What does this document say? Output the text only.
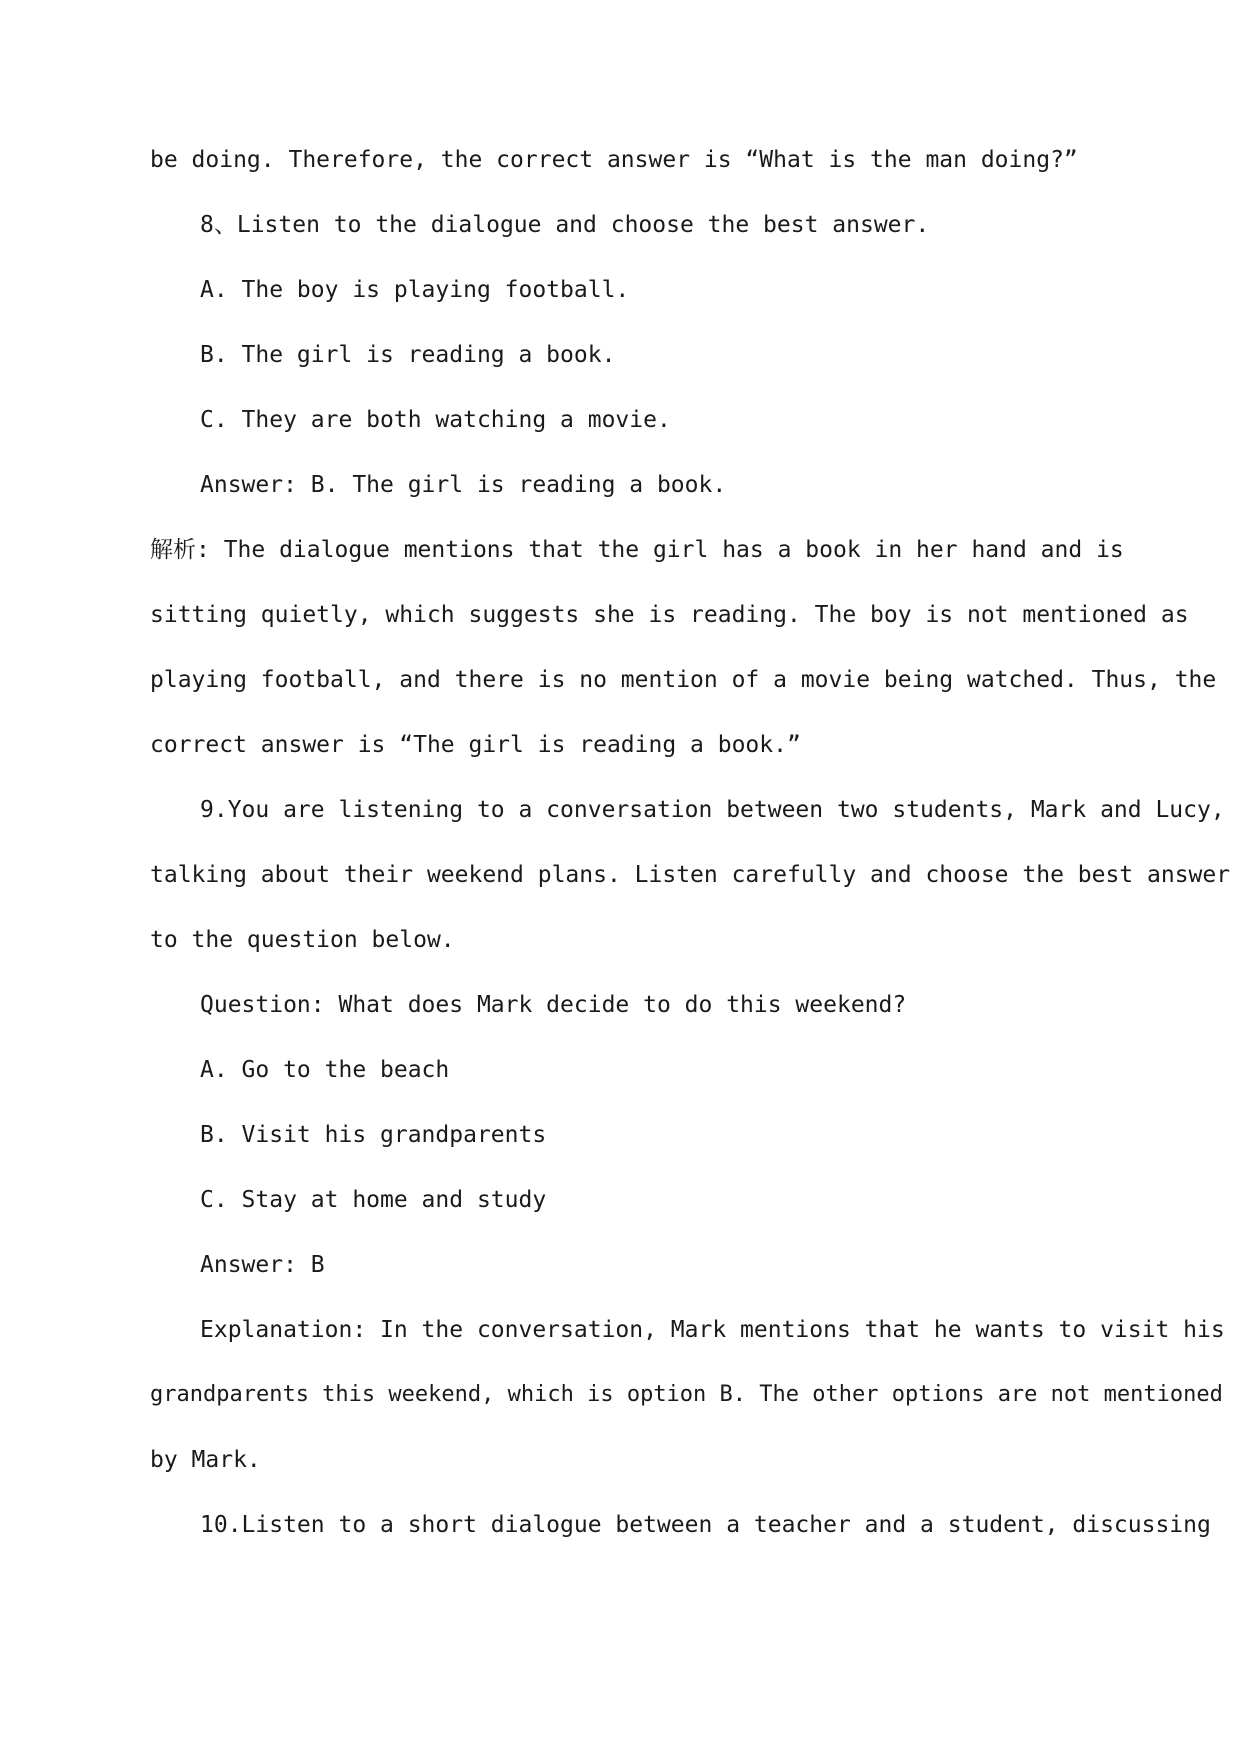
be doing. Therefore, the correct answer is “What is the man doing?”
8、Listen to the dialogue and choose the best answer.
A. The boy is playing football.
B. The girl is reading a book.
C. They are both watching a movie.
Answer: B. The girl is reading a book.
解析: The dialogue mentions that the girl has a book in her hand and is
sitting quietly, which suggests she is reading. The boy is not mentioned as
playing football, and there is no mention of a movie being watched. Thus, the
correct answer is “The girl is reading a book.”
9.You are listening to a conversation between two students, Mark and Lucy,
talking about their weekend plans. Listen carefully and choose the best answer
to the question below.
Question: What does Mark decide to do this weekend?
A. Go to the beach
B. Visit his grandparents
C. Stay at home and study
Answer: B
Explanation: In the conversation, Mark mentions that he wants to visit his
grandparents this weekend, which is option B. The other options are not mentioned
by Mark.
10.Listen to a short dialogue between a teacher and a student, discussing
